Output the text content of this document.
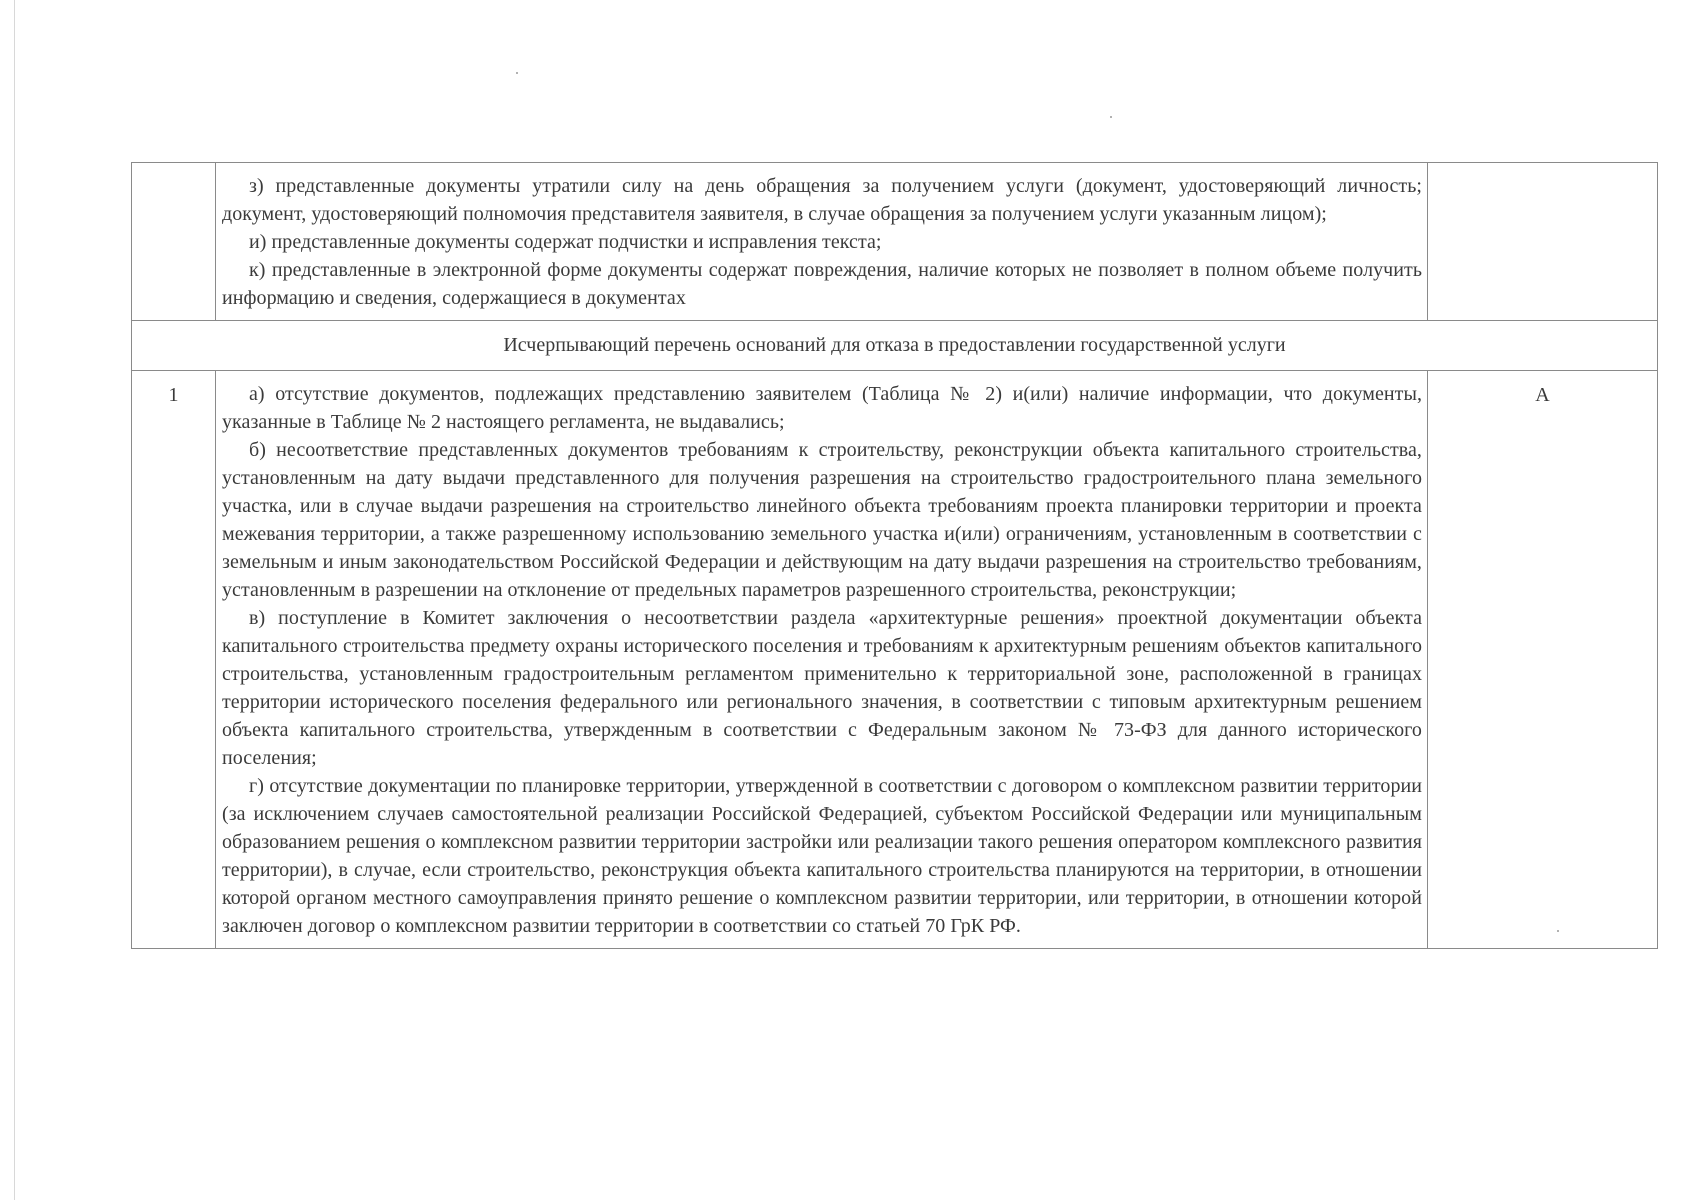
	з) представленные документы утратили силу на день обращения за получением услуги (документ, удостоверяющий личность; документ, удостоверяющий полномочия представителя заявителя, в случае обращения за получением услуги указанным лицом);

и) представленные документы содержат подчистки и исправления текста;

к) представленные в электронной форме документы содержат повреждения, наличие которых не позволяет в полном объеме получить информацию и сведения, содержащиеся в документах	

Исчерпывающий перечень оснований для отказа в предоставлении государственной услуги		
1	а) отсутствие документов, подлежащих представлению заявителем (Таблица № 2) и(или) наличие информации, что документы, указанные в Таблице № 2 настоящего регламента, не выдавались;

б) несоответствие представленных документов требованиям к строительству, реконструкции объекта капитального строительства, установленным на дату выдачи представленного для получения разрешения на строительство градостроительного плана земельного участка, или в случае выдачи разрешения на строительство линейного объекта требованиям проекта планировки территории и проекта межевания территории, а также разрешенному использованию земельного участка и(или) ограничениям, установленным в соответствии с земельным и иным законодательством Российской Федерации и действующим на дату выдачи разрешения на строительство требованиям, установленным в разрешении на отклонение от предельных параметров разрешенного строительства, реконструкции;

в) поступление в Комитет заключения о несоответствии раздела «архитектурные решения» проектной документации объекта капитального строительства предмету охраны исторического поселения и требованиям к архитектурным решениям объектов капитального строительства, установленным градостроительным регламентом применительно к территориальной зоне, расположенной в границах территории исторического поселения федерального или регионального значения, в соответствии с типовым архитектурным решением объекта капитального строительства, утвержденным в соответствии с Федеральным законом № 73-ФЗ для данного исторического поселения;

г) отсутствие документации по планировке территории, утвержденной в соответствии с договором о комплексном развитии территории (за исключением случаев самостоятельной реализации Российской Федерацией, субъектом Российской Федерации или муниципальным образованием решения о комплексном развитии территории застройки или реализации такого решения оператором комплексного развития территории), в случае, если строительство, реконструкция объекта капитального строительства планируются на территории, в отношении которой органом местного самоуправления принято решение о комплексном развитии территории, или территории, в отношении которой заключен договор о комплексном развитии территории в соответствии со статьей 70 ГрК РФ.	А
